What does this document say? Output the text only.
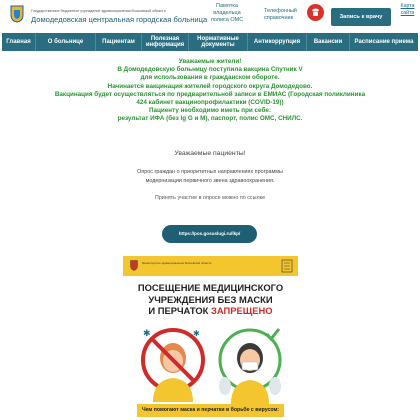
Государственное бюджетное учреждение здравоохранения Московской области
Домодедовская центральная городская больница
Памятка владельца полиса ОМС
Телефонный справочник	Запись к врачу
Карта сайта
Главная	О больнице	Пациентам
Полезная информация
Нормативные документы
Антикоррупция	Вакансии	Расписание приема
Уважаемые жители!
В Домодедовскую больницу поступила вакцина Спутник V
для использования в гражданском обороте.
Начинается вакцинация жителей городского округа Домодедово.
Вакцинация будет осуществляться по предварительной записи в ЕМИАС (Городская поликлиника
424 кабинет вакцинопрофилактики (COVID-19))
Пациенту необходимо иметь при себе:
результат ИФА (без Ig G и М), паспорт, полис ОМС, СНИЛС.
Уважаемые пациенты!
Опрос граждан о приоритетных направлениях программы
модернизации первичного звена здравоохранения.
Принять участие в опросе можно по ссылке
https://pos.gosuslugi.ru/lkp/
Министерство здравоохранения Московской области
ПОСЕЩЕНИЕ МЕДИЦИНСКОГО
УЧРЕЖДЕНИЯ БЕЗ МАСКИ
И ПЕРЧАТОК ЗАПРЕЩЕНО
✱	✱
Чем помогают маска и перчатки в борьбе с вирусом:
